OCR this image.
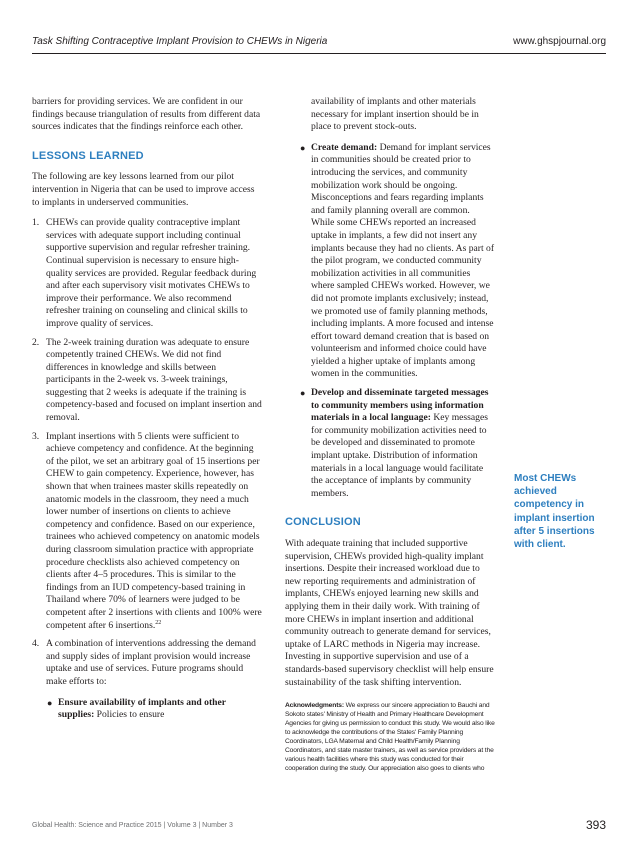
Task Shifting Contraceptive Implant Provision to CHEWs in Nigeria	www.ghspjournal.org

barriers for providing services. We are confident in our findings because triangulation of results from different data sources indicates that the findings reinforce each other.

LESSONS LEARNED

The following are key lessons learned from our pilot intervention in Nigeria that can be used to improve access to implants in underserved communities.

1. CHEWs can provide quality contraceptive implant services with adequate support including continual supportive supervision and regular refresher training. Continual supervision is necessary to ensure high-quality services are provided. Regular feedback during and after each supervisory visit motivates CHEWs to improve their performance. We also recommend refresher training on counseling and clinical skills to improve quality of services.
2. The 2-week training duration was adequate to ensure competently trained CHEWs. We did not find differences in knowledge and skills between participants in the 2-week vs. 3-week trainings, suggesting that 2 weeks is adequate if the training is competency-based and focused on implant insertion and removal.
3. Implant insertions with 5 clients were sufficient to achieve competency and confidence. At the beginning of the pilot, we set an arbitrary goal of 15 insertions per CHEW to gain competency. Experience, however, has shown that when trainees master skills repeatedly on anatomic models in the classroom, they need a much lower number of insertions on clients to achieve competency and confidence. Based on our experience, trainees who achieved competency on anatomic models during classroom simulation practice with appropriate procedure checklists also achieved competency on clients after 4–5 procedures. This is similar to the findings from an IUD competency-based training in Thailand where 70% of learners were judged to be competent after 2 insertions with clients and 100% were competent after 6 insertions.$^{22}$
4. A combination of interventions addressing the demand and supply sides of implant provision would increase uptake and use of services. Future programs should make efforts to:
● Ensure availability of implants and other supplies: Policies to ensure

availability of implants and other materials necessary for implant insertion should be in place to prevent stock-outs.

● Create demand: Demand for implant services in communities should be created prior to introducing the services, and community mobilization work should be ongoing. Misconceptions and fears regarding implants and family planning overall are common. While some CHEWs reported an increased uptake in implants, a few did not insert any implants because they had no clients. As part of the pilot program, we conducted community mobilization activities in all communities where sampled CHEWs worked. However, we did not promote implants exclusively; instead, we promoted use of family planning methods, including implants. A more focused and intense effort toward demand creation that is based on volunteerism and informed choice could have yielded a higher uptake of implants among women in the communities.
● Develop and disseminate targeted messages to community members using information materials in a local language: Key messages for community mobilization activities need to be developed and disseminated to promote implant uptake. Distribution of information materials in a local language would facilitate the acceptance of implants by community members.
CONCLUSION

With adequate training that included supportive supervision, CHEWs provided high-quality implant insertions. Despite their increased workload due to new reporting requirements and administration of implants, CHEWs enjoyed learning new skills and applying them in their daily work. With training of more CHEWs in implant insertion and additional community outreach to generate demand for services, uptake of LARC methods in Nigeria may increase. Investing in supportive supervision and use of a standards-based supervisory checklist will help ensure sustainability of the task shifting intervention.

Acknowledgments: We express our sincere appreciation to Bauchi and Sokoto states' Ministry of Health and Primary Healthcare Development Agencies for giving us permission to conduct this study. We would also like to acknowledge the contributions of the States' Family Planning Coordinators, LGA Maternal and Child Health/Family Planning Coordinators, and state master trainers, as well as service providers at the various health facilities where this study was conducted for their cooperation during the study. Our appreciation also goes to clients who

Most CHEWs achieved competency in implant insertion after 5 insertions with client.
Global Health: Science and Practice 2015 | Volume 3 | Number 3	393
